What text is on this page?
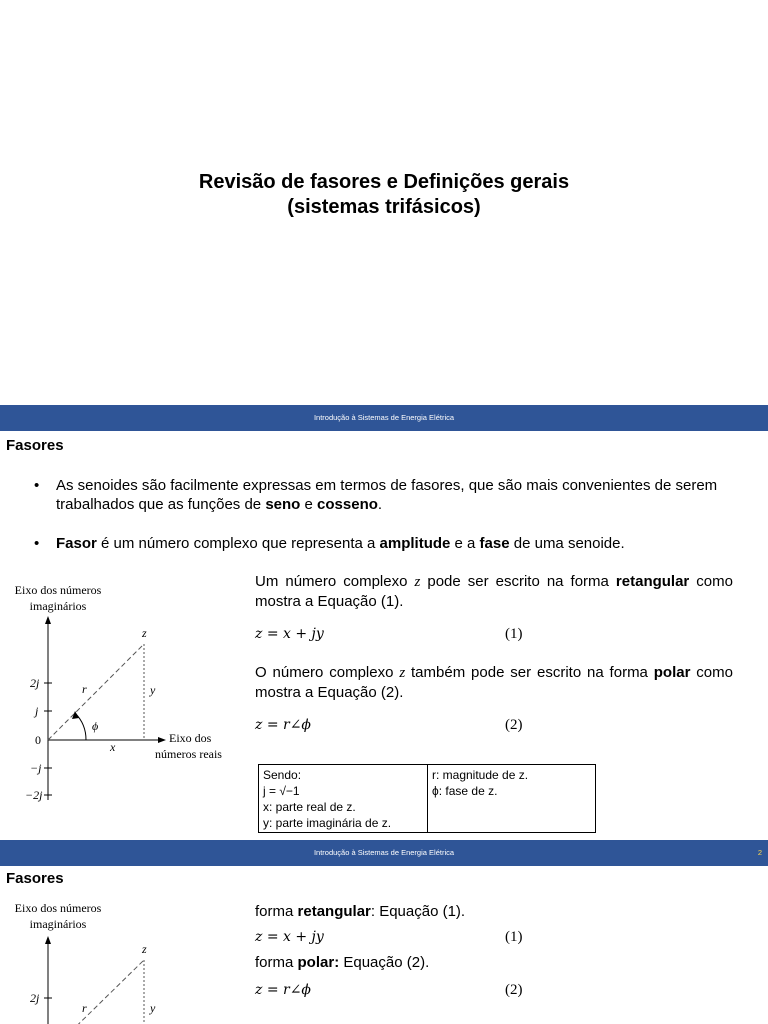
Revisão de fasores e Definições gerais
(sistemas trifásicos)
Introdução à Sistemas de Energia Elétrica
Fasores
• As senoides são facilmente expressas em termos de fasores, que são mais convenientes de serem trabalhados que as funções de seno e cosseno.
• Fasor é um número complexo que representa a amplitude e a fase de uma senoide.
Eixo dos números
imaginários
Eixo dos
números reais
2j
j
0
−j
−2j
z
r	y
x
ϕ
Um número complexo z pode ser escrito na forma retangular como mostra a Equação (1).
z = x + jy	(1)
O número complexo z também pode ser escrito na forma polar como mostra a Equação (2).
z = r∠ϕ	(2)
Sendo:
j = √−1
x: parte real de z.
y: parte imaginária de z.
r: magnitude de z.
ϕ: fase de z.
Introdução à Sistemas de Energia Elétrica	2
Fasores
Eixo dos números
imaginários
2j
z
r	y
forma retangular: Equação (1).
z = x + jy	(1)
forma polar: Equação (2).
z = r∠ϕ	(2)
